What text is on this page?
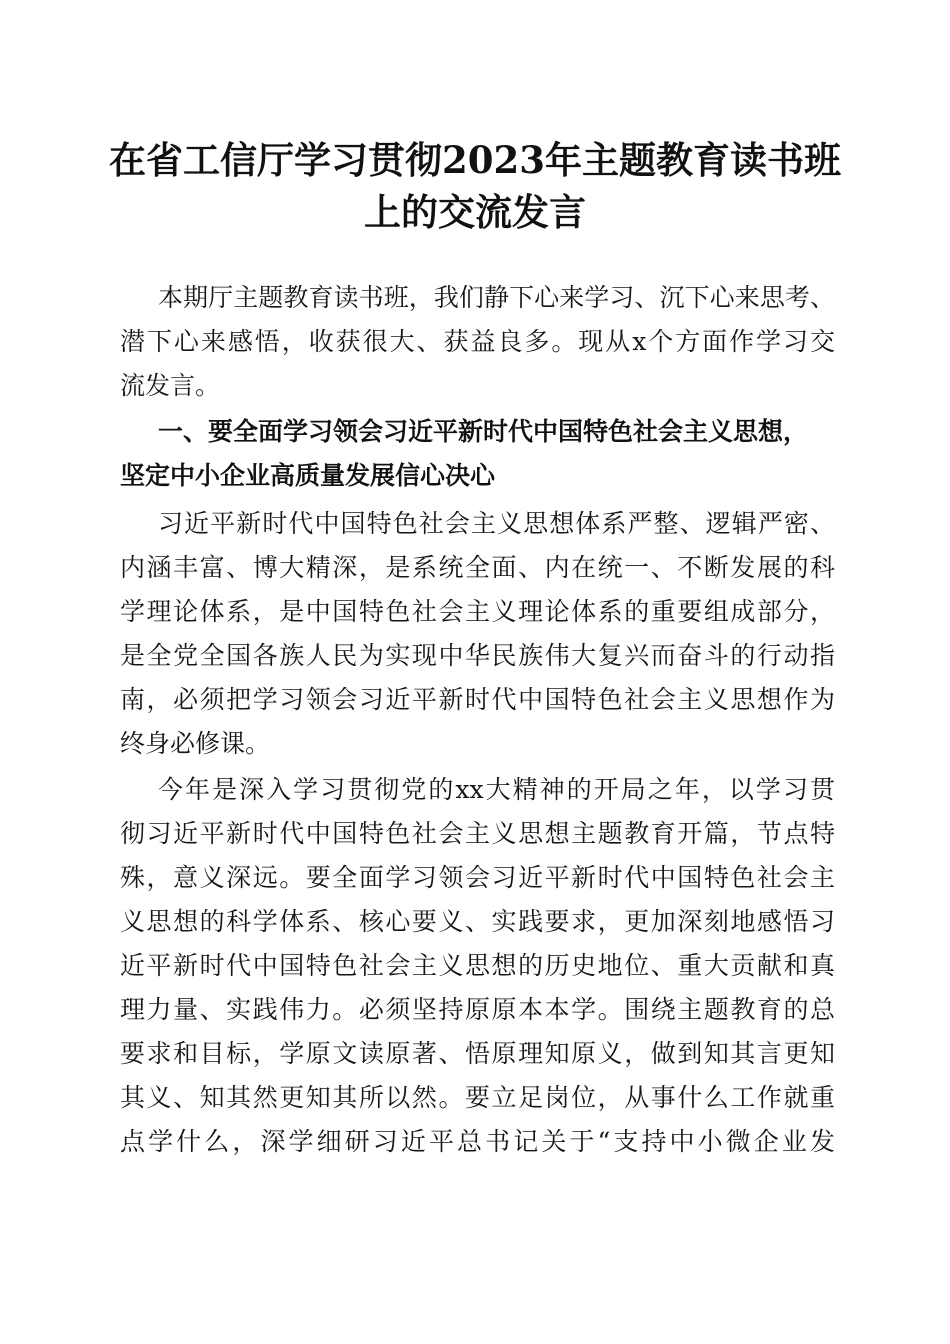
在省工信厅学习贯彻2023年主题教育读书班
上的交流发言
本期厅主题教育读书班，我们静下心来学习、沉下心来思考、
潜下心来感悟，收获很大、获益良多。现从x个方面作学习交
流发言。
一、要全面学习领会习近平新时代中国特色社会主义思想，
坚定中小企业高质量发展信心决心
习近平新时代中国特色社会主义思想体系严整、逻辑严密、
内涵丰富、博大精深，是系统全面、内在统一、不断发展的科
学理论体系，是中国特色社会主义理论体系的重要组成部分，
是全党全国各族人民为实现中华民族伟大复兴而奋斗的行动指
南，必须把学习领会习近平新时代中国特色社会主义思想作为
终身必修课。
今年是深入学习贯彻党的xx大精神的开局之年，以学习贯
彻习近平新时代中国特色社会主义思想主题教育开篇，节点特
殊，意义深远。要全面学习领会习近平新时代中国特色社会主
义思想的科学体系、核心要义、实践要求，更加深刻地感悟习
近平新时代中国特色社会主义思想的历史地位、重大贡献和真
理力量、实践伟力。必须坚持原原本本学。围绕主题教育的总
要求和目标，学原文读原著、悟原理知原义，做到知其言更知
其义、知其然更知其所以然。要立足岗位，从事什么工作就重
点学什么，深学细研习近平总书记关于“支持中小微企业发
